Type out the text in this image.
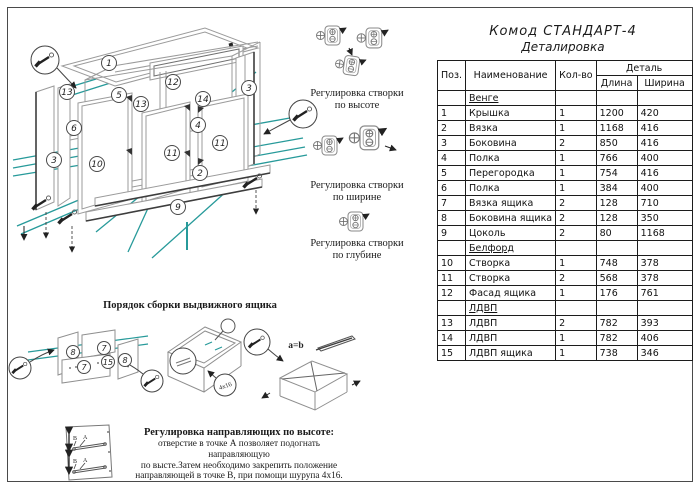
1
13	5
13
12
14
3
6	4
3	10
11
11
2
9
4x16
a=b
8	7
7
15 8
В А
В А
Комод СТАНДАРТ-4
Деталировка
Поз.	Наименование	Кол-во	Деталь	
			Длина	Ширина
	Венге			
1	Крышка	1	1200	420
2	Вязка	1	1168	416
3	Боковина	2	850	416
4	Полка	1	766	400
5	Перегородка	1	754	416
6	Полка	1	384	400
7	Вязка ящика	2	128	710
8	Боковина ящика	2	128	350
9	Цоколь	2	80	1168
	Белфорд			
10	Створка	1	748	378
11	Створка	2	568	378
12	Фасад ящика	1	176	761
	ЛДВП			
13	ЛДВП	2	782	393
14	ЛДВП	1	782	406
15	ЛДВП ящика	1	738	346
Регулировка створки
по высоте
Регулировка створки
по ширине
Регулировка створки
по глубине
Порядок сборки выдвижного ящика
Регулировка направляющих по высоте:
отверстие в точке А позволяет подогнать направляющую
по высте.Затем необходимо закрепить положение
направляющей в точке В, при помощи шурупа 4х16.
